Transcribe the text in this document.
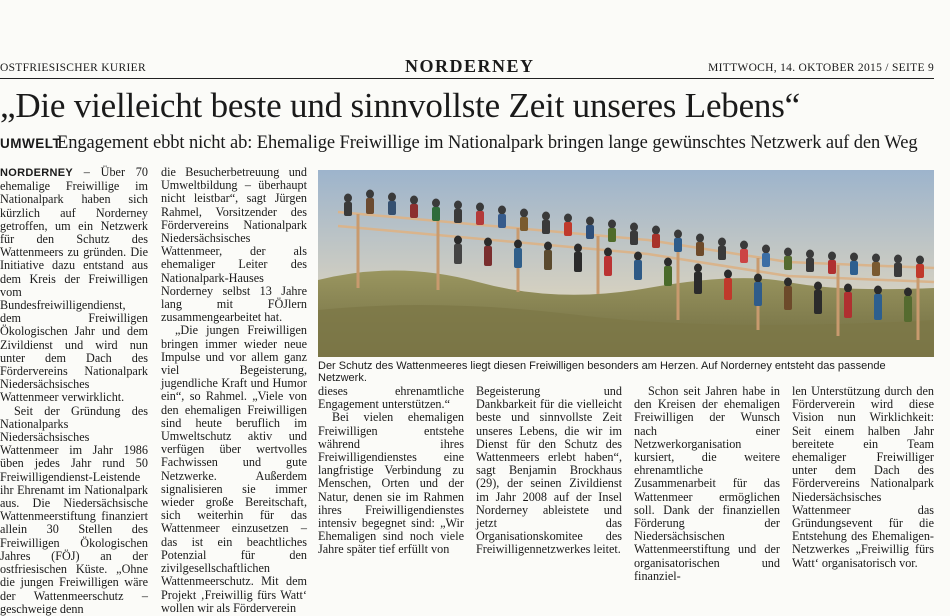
OSTFRIESISCHER KURIER	NORDERNEY	MITTWOCH, 14. OKTOBER 2015 / SEITE 9
„Die vielleicht beste und sinnvollste Zeit unseres Lebens“
UMWELT
Engagement ebbt nicht ab: Ehemalige Freiwillige im Nationalpark bringen lange gewünschtes Netzwerk auf den Weg

NORDERNEY – Über 70 ehemalige Freiwillige im Nationalpark haben sich kürzlich auf Norderney getroffen, um ein Netzwerk für den Schutz des Wattenmeers zu gründen. Die Initiative dazu entstand aus dem Kreis der Freiwilligen vom Bundesfreiwilligendienst, dem Freiwilligen Ökologischen Jahr und dem Zivildienst und wird nun unter dem Dach des Fördervereins Nationalpark Niedersächsisches Wattenmeer verwirklicht.

Seit der Gründung des Nationalparks Niedersächsisches Wattenmeer im Jahr 1986 üben jedes Jahr rund 50 Freiwilligendienst-Leistende ihr Ehrenamt im Nationalpark aus. Die Niedersächsische Wattenmeerstiftung finanziert allein 30 Stellen des Freiwilligen Ökologischen Jahres (FÖJ) an der ostfriesischen Küste. „Ohne die jungen Freiwilligen wäre der Wattenmeerschutz – geschweige denn

die Besucherbetreuung und Umweltbildung – überhaupt nicht leistbar“, sagt Jürgen Rahmel, Vorsitzender des Fördervereins Nationalpark Niedersächsisches Wattenmeer, der als ehemaliger Leiter des Nationalpark-Hauses Norderney selbst 13 Jahre lang mit FÖJlern zusammengearbeitet hat.

„Die jungen Freiwilligen bringen immer wieder neue Impulse und vor allem ganz viel Begeisterung, jugendliche Kraft und Humor ein“, so Rahmel. „Viele von den ehemaligen Freiwilligen sind heute beruflich im Umweltschutz aktiv und verfügen über wertvolles Fachwissen und gute Netzwerke. Außerdem signalisieren sie immer wieder große Bereitschaft, sich weiterhin für das Wattenmeer einzusetzen – das ist ein beachtliches Potenzial für den zivilgesellschaftlichen Wattenmeerschutz. Mit dem Projekt ‚Freiwillig fürs Watt‘ wollen wir als Förderverein

Der Schutz des Wattenmeeres liegt diesen Freiwilligen besonders am Herzen. Auf Norderney entsteht das passende Netzwerk.

dieses ehrenamtliche Engagement unterstützen.“

Bei vielen ehemaligen Freiwilligen entstehe während ihres Freiwilligendienstes eine langfristige Verbindung zu Menschen, Orten und der Natur, denen sie im Rahmen ihres Freiwilligendienstes intensiv begegnet sind: „Wir Ehemaligen sind noch viele Jahre später tief erfüllt von

Begeisterung und Dankbarkeit für die vielleicht beste und sinnvollste Zeit unseres Lebens, die wir im Dienst für den Schutz des Wattenmeers erlebt haben“, sagt Benjamin Brockhaus (29), der seinen Zivildienst im Jahr 2008 auf der Insel Norderney ableistete und jetzt das Organisationskomitee des Freiwilligennetzwerkes leitet.

Schon seit Jahren habe in den Kreisen der ehemaligen Freiwilligen der Wunsch nach einer Netzwerkorganisation kursiert, die weitere ehrenamtliche Zusammenarbeit für das Wattenmeer ermöglichen soll. Dank der finanziellen Förderung der Niedersächsischen Wattenmeerstiftung und der organisatorischen und finanziel-

len Unterstützung durch den Förderverein wird diese Vision nun Wirklichkeit: Seit einem halben Jahr bereitete ein Team ehemaliger Freiwilliger unter dem Dach des Fördervereins Nationalpark Niedersächsisches Wattenmeer das Gründungsevent für die Entstehung des Ehemaligen-Netzwerkes „Freiwillig fürs Watt‘ organisatorisch vor.
